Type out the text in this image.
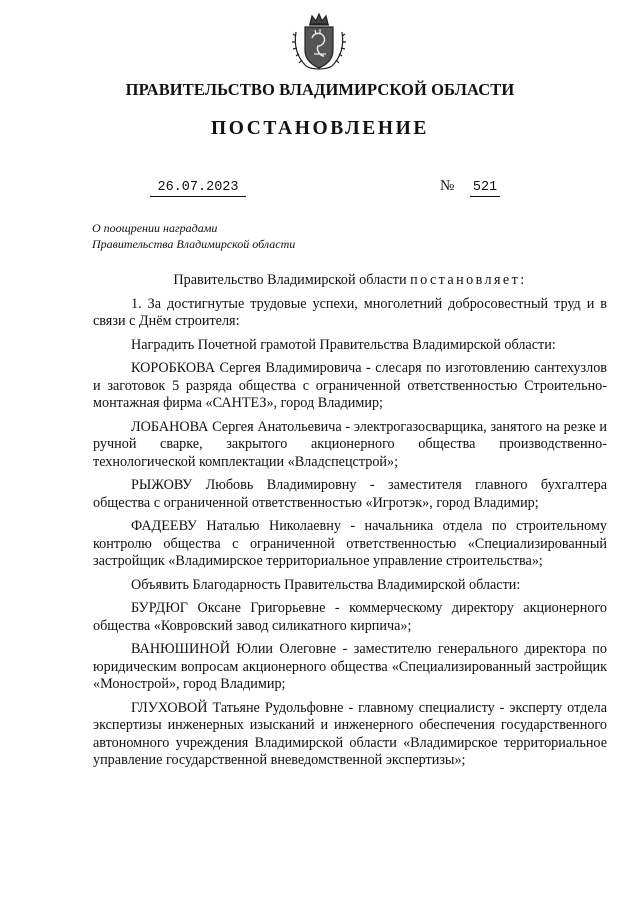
ПРАВИТЕЛЬСТВО ВЛАДИМИРСКОЙ ОБЛАСТИ
ПОСТАНОВЛЕНИЕ
26.07.2023	№ 521
О поощрении наградами
Правительства Владимирской области

Правительство Владимирской области постановляет:

1. За достигнутые трудовые успехи, многолетний добросовестный труд и в связи с Днём строителя:

Наградить Почетной грамотой Правительства Владимирской области:

КОРОБКОВА Сергея Владимировича - слесаря по изготовлению сантехузлов и заготовок 5 разряда общества с ограниченной ответственностью Строительно-монтажная фирма «САНТЕЗ», город Владимир;

ЛОБАНОВА Сергея Анатольевича - электрогазосварщика, занятого на резке и ручной сварке, закрытого акционерного общества производственно-технологической комплектации «Владспецстрой»;

РЫЖОВУ Любовь Владимировну - заместителя главного бухгалтера общества с ограниченной ответственностью «Игротэк», город Владимир;

ФАДЕЕВУ Наталью Николаевну - начальника отдела по строительному контролю общества с ограниченной ответственностью «Специализированный застройщик «Владимирское территориальное управление строительства»;

Объявить Благодарность Правительства Владимирской области:

БУРДЮГ Оксане Григорьевне - коммерческому директору акционерного общества «Ковровский завод силикатного кирпича»;

ВАНЮШИНОЙ Юлии Олеговне - заместителю генерального директора по юридическим вопросам акционерного общества «Специализированный застройщик «Монострой», город Владимир;

ГЛУХОВОЙ Татьяне Рудольфовне - главному специалисту - эксперту отдела экспертизы инженерных изысканий и инженерного обеспечения государственного автономного учреждения Владимирской области «Владимирское территориальное управление государственной вневедомственной экспертизы»;
